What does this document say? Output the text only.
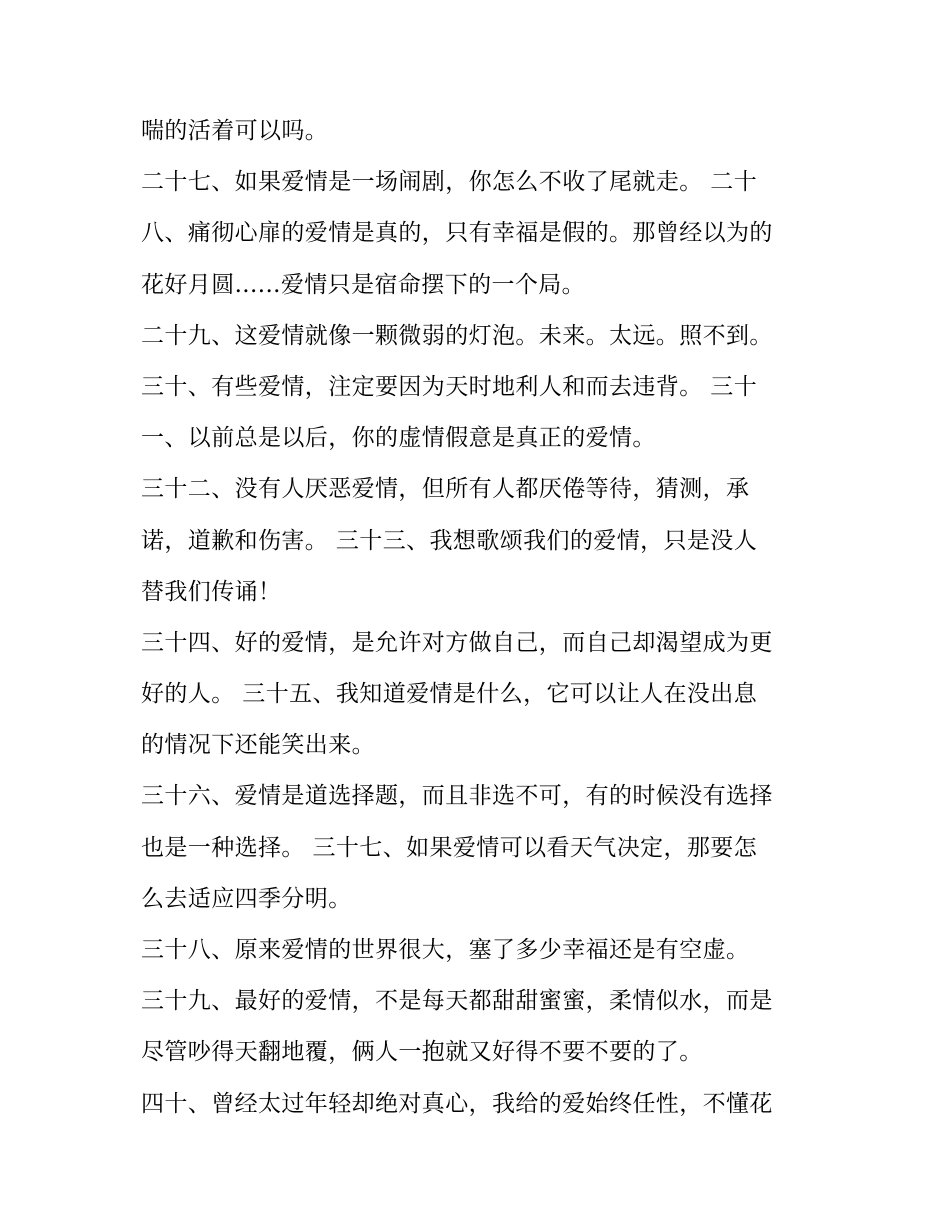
喘的活着可以吗。
二十七、如果爱情是一场闹剧，你怎么不收了尾就走。 二十
八、痛彻心扉的爱情是真的，只有幸福是假的。那曾经以为的
花好月圆......爱情只是宿命摆下的一个局。
二十九、这爱情就像一颗微弱的灯泡。未来。太远。照不到。
三十、有些爱情，注定要因为天时地利人和而去违背。 三十
一、以前总是以后，你的虚情假意是真正的爱情。
三十二、没有人厌恶爱情，但所有人都厌倦等待，猜测，承
诺，道歉和伤害。 三十三、我想歌颂我们的爱情，只是没人
替我们传诵！
三十四、好的爱情，是允许对方做自己，而自己却渴望成为更
好的人。 三十五、我知道爱情是什么，它可以让人在没出息
的情况下还能笑出来。
三十六、爱情是道选择题，而且非选不可，有的时候没有选择
也是一种选择。 三十七、如果爱情可以看天气决定，那要怎
么去适应四季分明。
三十八、原来爱情的世界很大，塞了多少幸福还是有空虚。
三十九、最好的爱情，不是每天都甜甜蜜蜜，柔情似水，而是
尽管吵得天翻地覆，俩人一抱就又好得不要不要的了。
四十、曾经太过年轻却绝对真心，我给的爱始终任性，不懂花
